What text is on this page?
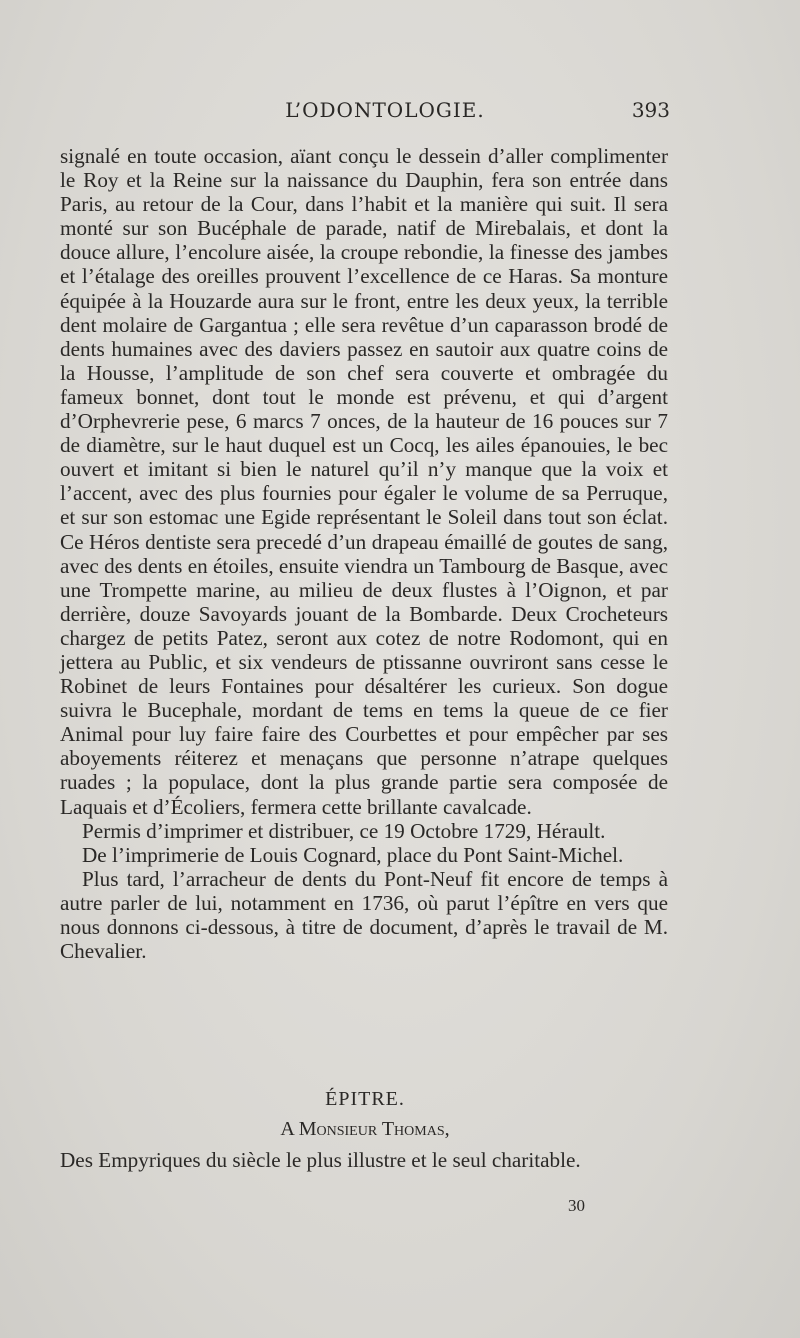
L’ODONTOLOGIE.	393

signalé en toute occasion, aïant conçu le dessein d’aller complimenter le Roy et la Reine sur la naissance du Dauphin, fera son entrée dans Paris, au retour de la Cour, dans l’habit et la manière qui suit. Il sera monté sur son Bucéphale de parade, natif de Mirebalais, et dont la douce allure, l’encolure aisée, la croupe rebondie, la finesse des jambes et l’étalage des oreilles prouvent l’excellence de ce Haras. Sa monture équipée à la Houzarde aura sur le front, entre les deux yeux, la terrible dent molaire de Gargantua ; elle sera revêtue d’un caparasson brodé de dents humaines avec des daviers passez en sautoir aux quatre coins de la Housse, l’amplitude de son chef sera couverte et ombragée du fameux bonnet, dont tout le monde est prévenu, et qui d’argent d’Orphevrerie pese, 6 marcs 7 onces, de la hauteur de 16 pouces sur 7 de diamètre, sur le haut duquel est un Cocq, les ailes épanouies, le bec ouvert et imitant si bien le naturel qu’il n’y manque que la voix et l’accent, avec des plus fournies pour égaler le volume de sa Perruque, et sur son estomac une Egide représentant le Soleil dans tout son éclat. Ce Héros dentiste sera precedé d’un drapeau émaillé de goutes de sang, avec des dents en étoiles, ensuite viendra un Tambourg de Basque, avec une Trompette marine, au milieu de deux flustes à l’Oignon, et par derrière, douze Savoyards jouant de la Bombarde. Deux Crocheteurs chargez de petits Patez, seront aux cotez de notre Rodomont, qui en jettera au Public, et six vendeurs de ptissanne ouvriront sans cesse le Robinet de leurs Fontaines pour désaltérer les curieux. Son dogue suivra le Bucephale, mordant de tems en tems la queue de ce fier Animal pour luy faire faire des Courbettes et pour empêcher par ses aboyements réiterez et menaçans que personne n’atrape quelques ruades ; la populace, dont la plus grande partie sera composée de Laquais et d’Écoliers, fermera cette brillante cavalcade.

Permis d’imprimer et distribuer, ce 19 Octobre 1729, Hérault.

De l’imprimerie de Louis Cognard, place du Pont Saint-Michel.

Plus tard, l’arracheur de dents du Pont-Neuf fit encore de temps à autre parler de lui, notamment en 1736, où parut l’épître en vers que nous donnons ci-dessous, à titre de document, d’après le travail de M. Chevalier.

ÉPITRE.
A Monsieur Thomas,
Des Empyriques du siècle le plus illustre et le seul charitable.
30
